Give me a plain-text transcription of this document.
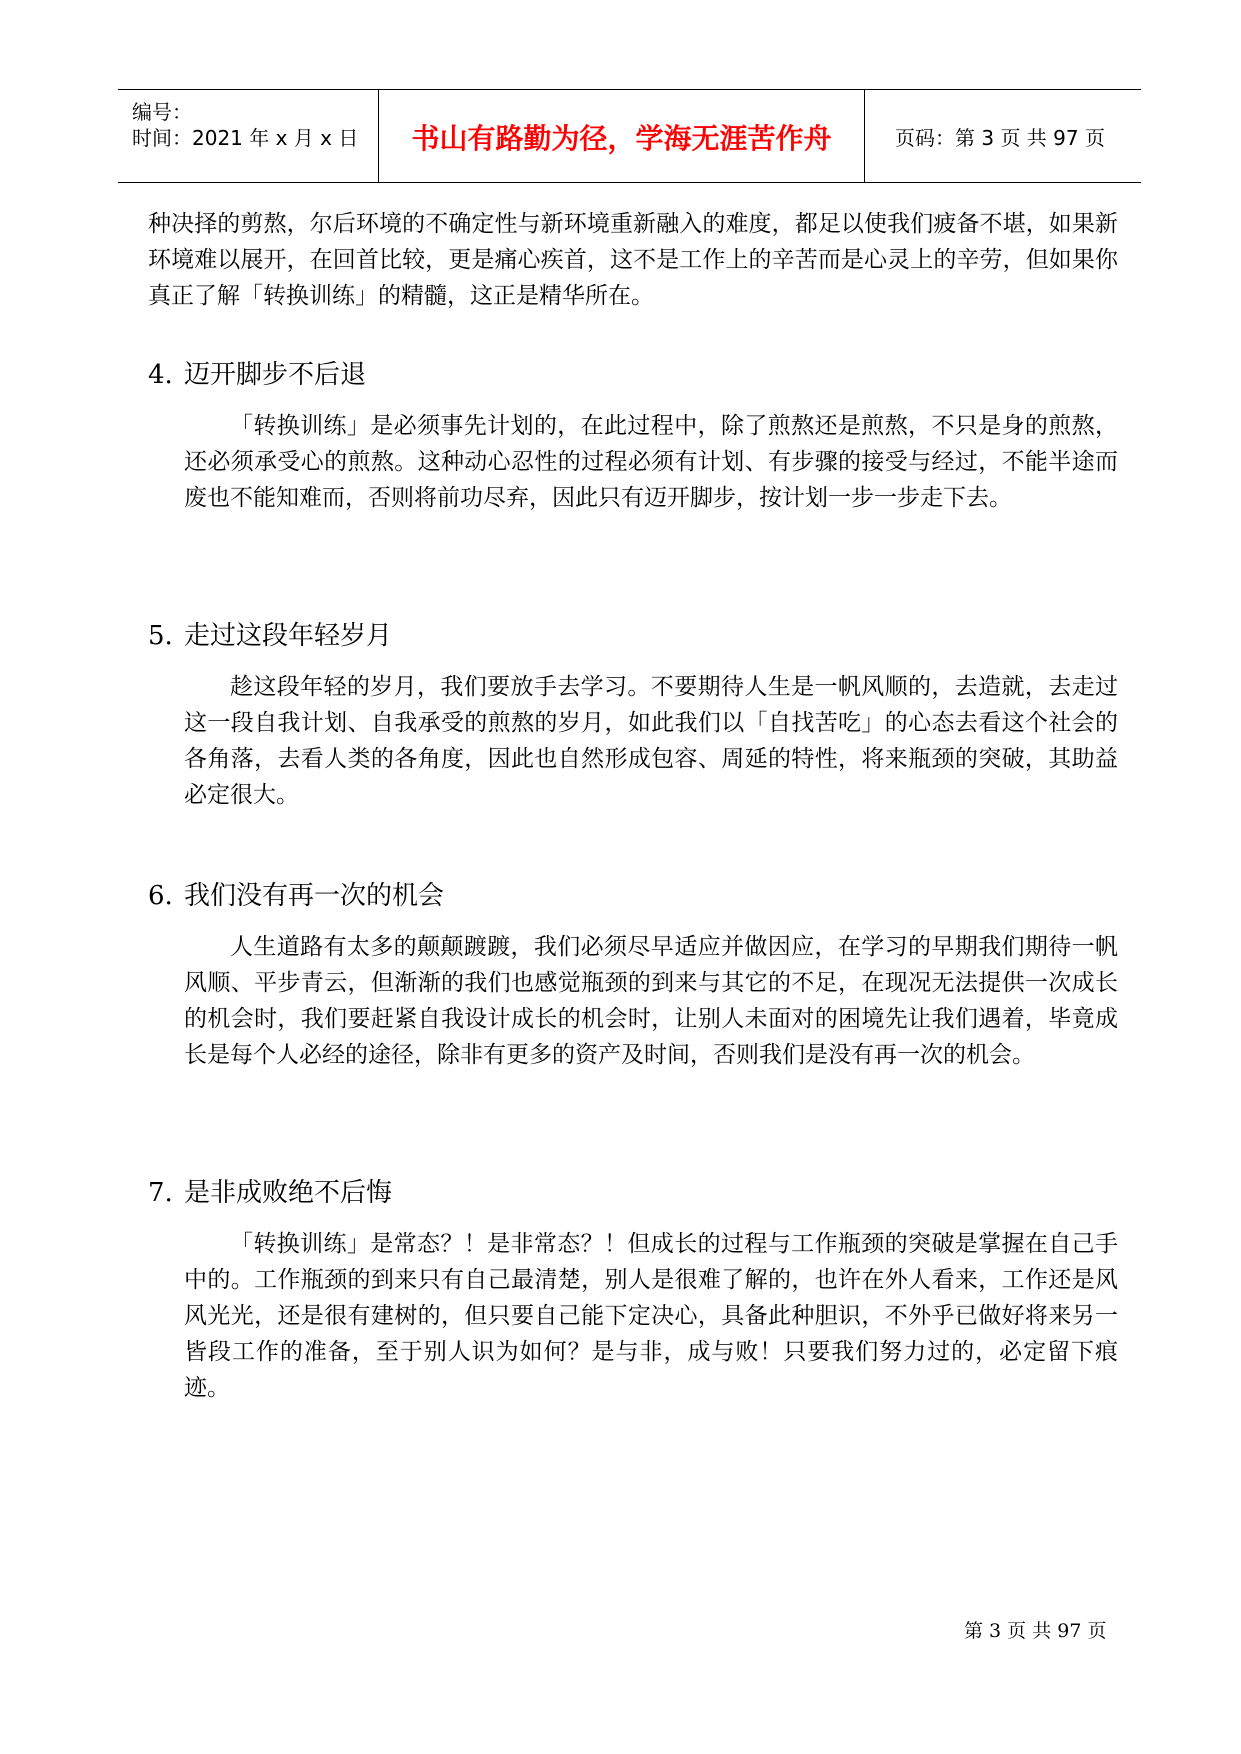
编号：
时间：2021 年 x 月 x 日	书山有路勤为径，学海无涯苦作舟	页码：第 3 页 共 97 页
种决择的剪熬，尔后环境的不确定性与新环境重新融入的难度，都足以使我们疲备不堪，如果新环境难以展开，在回首比较，更是痛心疾首，这不是工作上的辛苦而是心灵上的辛劳，但如果你真正了解「转换训练」的精髓，这正是精华所在。
4. 迈开脚步不后退
「转换训练」是必须事先计划的，在此过程中，除了煎熬还是煎熬，不只是身的煎熬，还必须承受心的煎熬。这种动心忍性的过程必须有计划、有步骤的接受与经过，不能半途而废也不能知难而，否则将前功尽弃，因此只有迈开脚步，按计划一步一步走下去。
5. 走过这段年轻岁月
趁这段年轻的岁月，我们要放手去学习。不要期待人生是一帆风顺的，去造就，去走过这一段自我计划、自我承受的煎熬的岁月，如此我们以「自找苦吃」的心态去看这个社会的各角落，去看人类的各角度，因此也自然形成包容、周延的特性，将来瓶颈的突破，其助益必定很大。
6. 我们没有再一次的机会
人生道路有太多的颠颠踱踱，我们必须尽早适应并做因应，在学习的早期我们期待一帆风顺、平步青云，但渐渐的我们也感觉瓶颈的到来与其它的不足，在现况无法提供一次成长的机会时，我们要赶紧自我设计成长的机会时，让别人未面对的困境先让我们遇着，毕竟成长是每个人必经的途径，除非有更多的资产及时间，否则我们是没有再一次的机会。
7. 是非成败绝不后悔
「转换训练」是常态？！是非常态？！但成长的过程与工作瓶颈的突破是掌握在自己手中的。工作瓶颈的到来只有自己最清楚，别人是很难了解的，也许在外人看来，工作还是风风光光，还是很有建树的，但只要自己能下定决心，具备此种胆识，不外乎已做好将来另一皆段工作的准备，至于别人识为如何？是与非，成与败！只要我们努力过的，必定留下痕迹。
第 3 页 共 97 页
